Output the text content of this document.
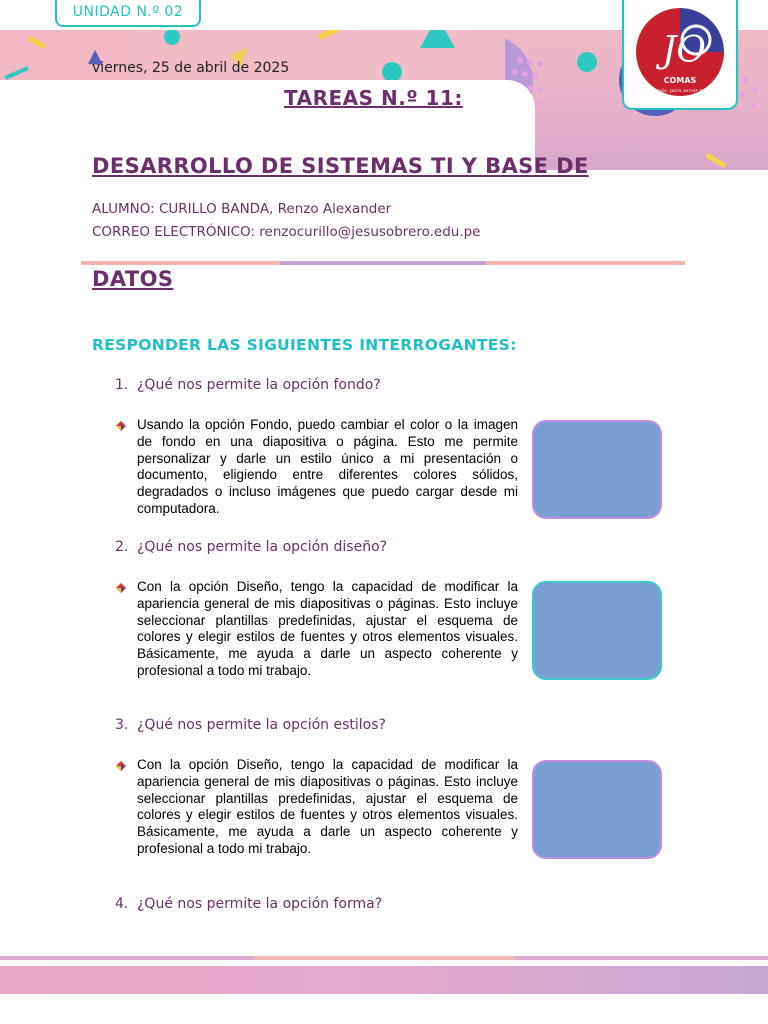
UNIDAD N.º 02
JO
COMAS
"Ser más, para servir mejor"
viernes, 25 de abril de 2025
TAREAS N.º 11:
DESARROLLO DE SISTEMAS TI Y BASE DE
ALUMNO: CURILLO BANDA, Renzo Alexander
CORREO ELECTRÓNICO: renzocurillo@jesusobrero.edu.pe
DATOS
RESPONDER LAS SIGUIENTES INTERROGANTES:
1. ¿Qué nos permite la opción fondo?
Usando la opción Fondo, puedo cambiar el color o la imagen de fondo en una diapositiva o página. Esto me permite personalizar y darle un estilo único a mi presentación o documento, eligiendo entre diferentes colores sólidos, degradados o incluso imágenes que puedo cargar desde mi computadora.
2. ¿Qué nos permite la opción diseño?
Con la opción Diseño, tengo la capacidad de modificar la apariencia general de mis diapositivas o páginas. Esto incluye seleccionar plantillas predefinidas, ajustar el esquema de colores y elegir estilos de fuentes y otros elementos visuales. Básicamente, me ayuda a darle un aspecto coherente y profesional a todo mi trabajo.
3. ¿Qué nos permite la opción estilos?
Con la opción Diseño, tengo la capacidad de modificar la apariencia general de mis diapositivas o páginas. Esto incluye seleccionar plantillas predefinidas, ajustar el esquema de colores y elegir estilos de fuentes y otros elementos visuales. Básicamente, me ayuda a darle un aspecto coherente y profesional a todo mi trabajo.
4. ¿Qué nos permite la opción forma?
